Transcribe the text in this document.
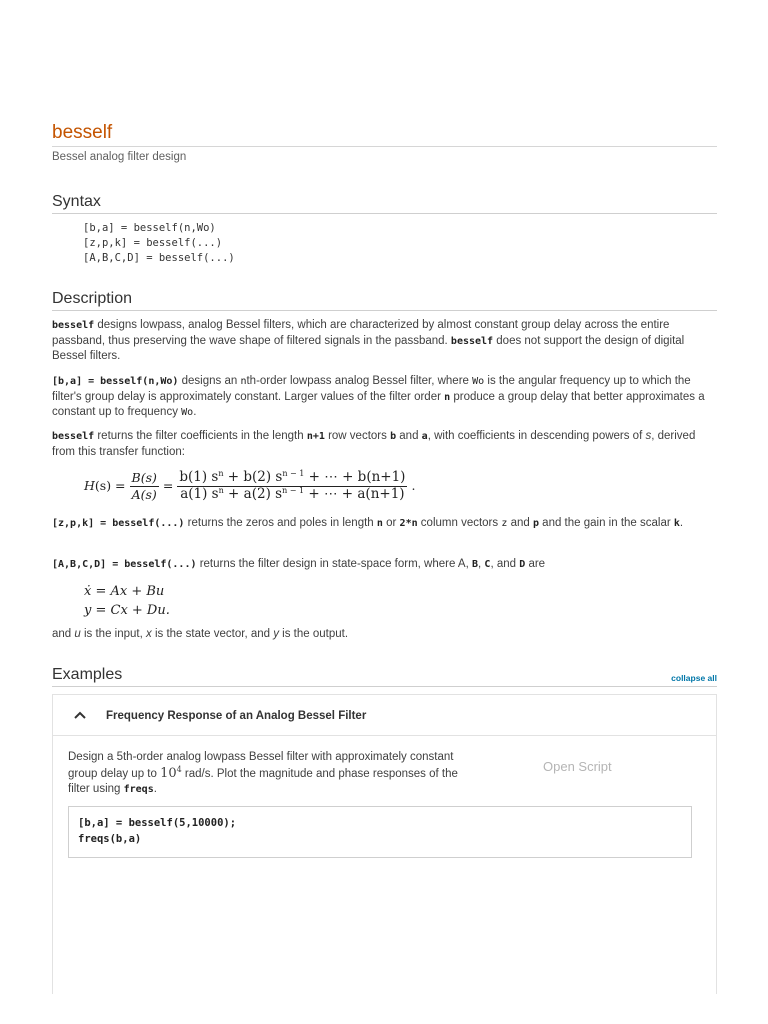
besself
Bessel analog filter design
Syntax
[b,a] = besself(n,Wo)
[z,p,k] = besself(...)
[A,B,C,D] = besself(...)
Description

besself designs lowpass, analog Bessel filters, which are characterized by almost constant group delay across the entire passband, thus preserving the wave shape of filtered signals in the passband. besself does not support the design of digital Bessel filters.

[b,a] = besself(n,Wo) designs an nth-order lowpass analog Bessel filter, where Wo is the angular frequency up to which the filter's group delay is approximately constant. Larger values of the filter order n produce a group delay that better approximates a constant up to frequency Wo.

besself returns the filter coefficients in the length n+1 row vectors b and a, with coefficients in descending powers of s, derived from this transfer function:

$H(s) = \frac{B(s)}{A(s)} = \frac{b(1) s^n + b(2) s^{n - 1} + \cdots + b(n+1)}{a(1) s^n + a(2) s^{n - 1} + \cdots + a(n+1)}$ .

[z,p,k] = besself(...) returns the zeros and poles in length n or 2*n column vectors z and p and the gain in the scalar k.

[A,B,C,D] = besself(...) returns the filter design in state-space form, where A, B, C, and D are

ẋ = Ax + Bu
y = Cx + Du.

and u is the input, x is the state vector, and y is the output.

Examples	collapse all
Frequency Response of an Analog Bessel Filter
Design a 5th-order analog lowpass Bessel filter with approximately constant group delay up to $10^4$ rad/s. Plot the magnitude and phase responses of the filter using freqs.
Open Script
[b,a] = besself(5,10000);
freqs(b,a)
